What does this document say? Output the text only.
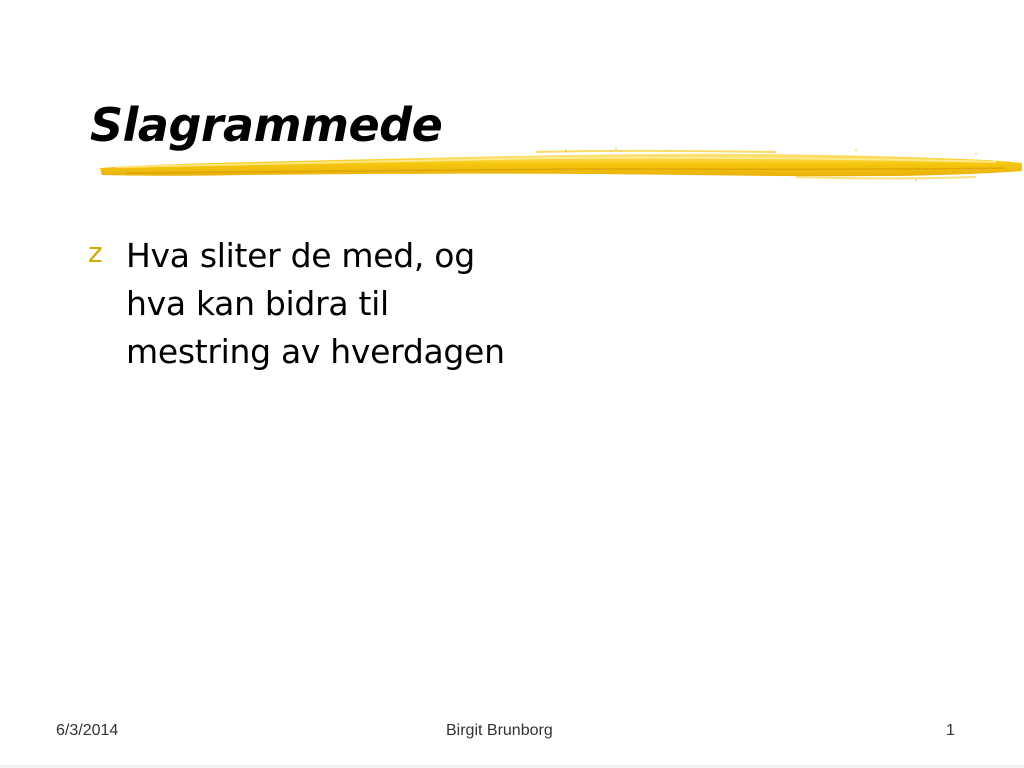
Slagrammede
z Hva sliter de med, og hva kan bidra til mestring av hverdagen
6/3/2014	Birgit Brunborg	1
